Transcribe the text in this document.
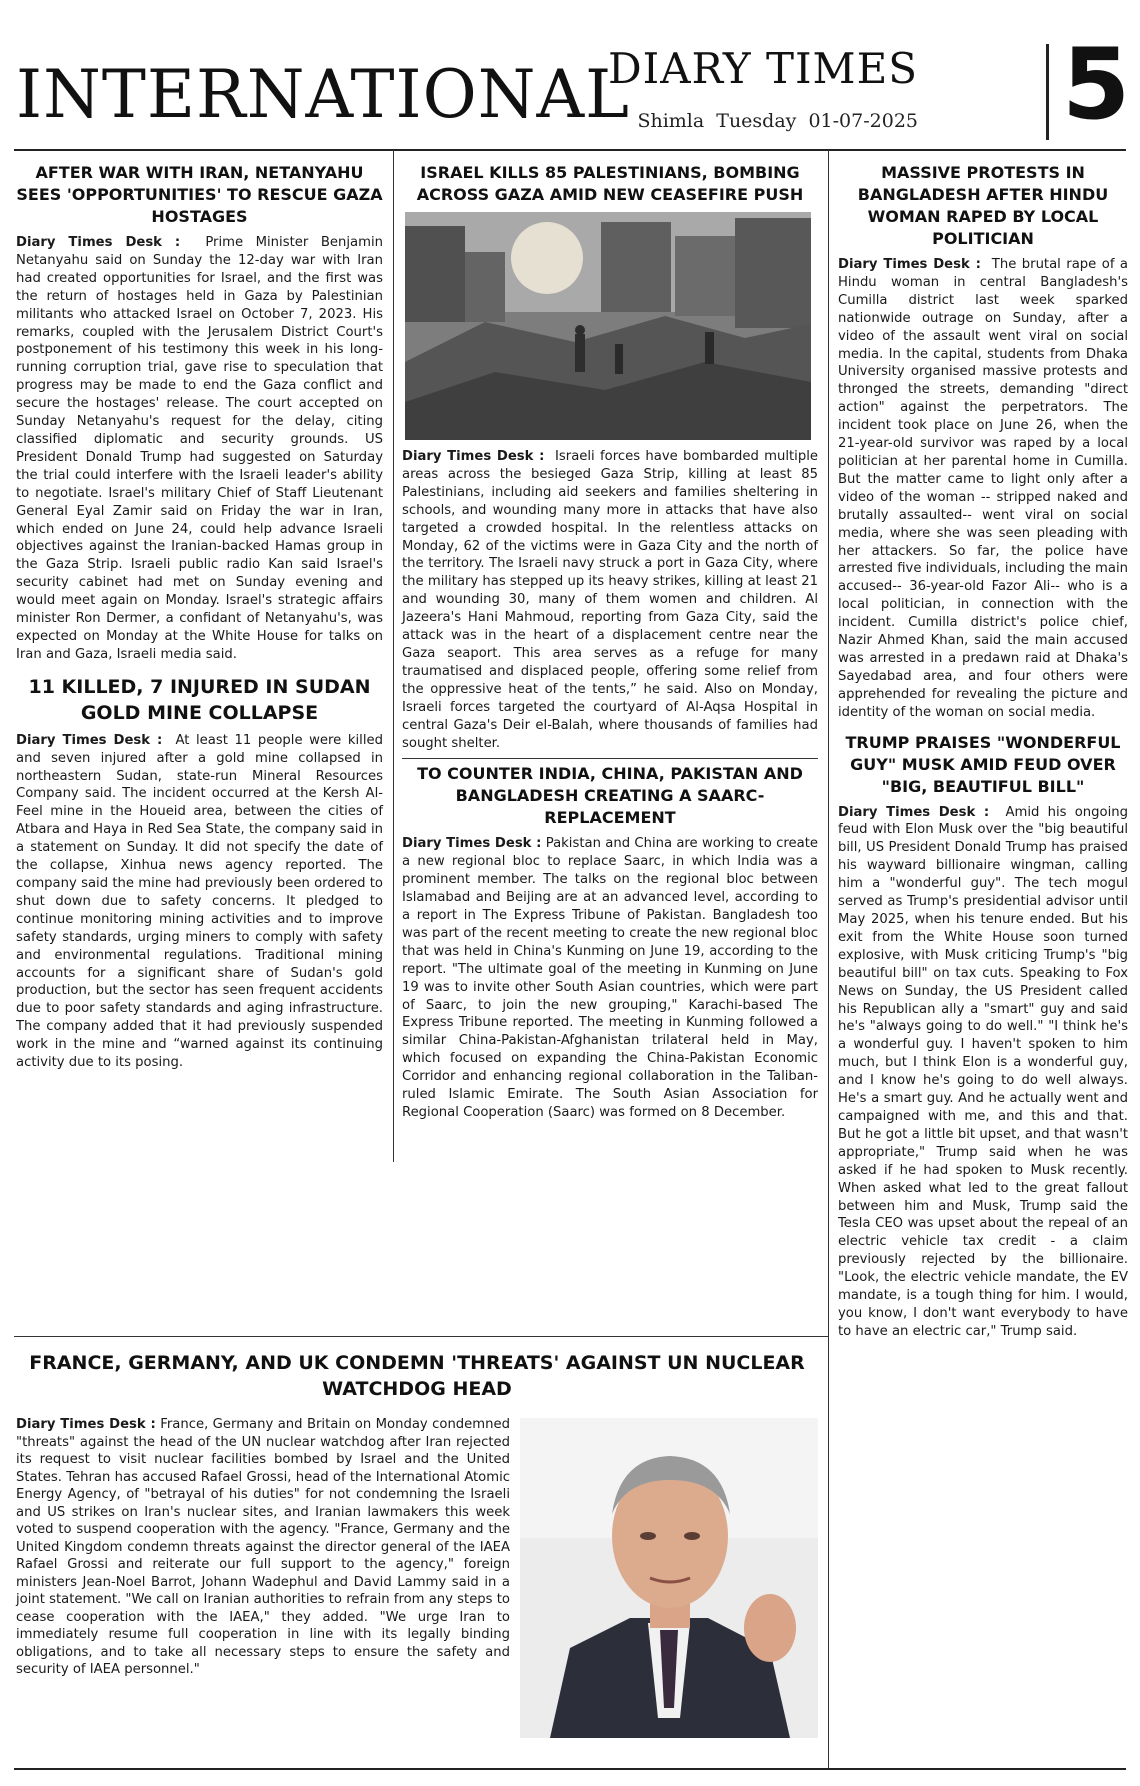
INTERNATIONAL
DIARY TIMES
Shimla Tuesday 01-07-2025 5
AFTER WAR WITH IRAN, NETANYAHU SEES 'OPPORTUNITIES' TO RESCUE GAZA HOSTAGES

Diary Times Desk : Prime Minister Benjamin Netanyahu said on Sunday the 12-day war with Iran had created opportunities for Israel, and the first was the return of hostages held in Gaza by Palestinian militants who attacked Israel on October 7, 2023. His remarks, coupled with the Jerusalem District Court's postponement of his testimony this week in his long-running corruption trial, gave rise to speculation that progress may be made to end the Gaza conflict and secure the hostages' release. The court accepted on Sunday Netanyahu's request for the delay, citing classified diplomatic and security grounds. US President Donald Trump had suggested on Saturday the trial could interfere with the Israeli leader's ability to negotiate. Israel's military Chief of Staff Lieutenant General Eyal Zamir said on Friday the war in Iran, which ended on June 24, could help advance Israeli objectives against the Iranian-backed Hamas group in the Gaza Strip. Israeli public radio Kan said Israel's security cabinet had met on Sunday evening and would meet again on Monday. Israel's strategic affairs minister Ron Dermer, a confidant of Netanyahu's, was expected on Monday at the White House for talks on Iran and Gaza, Israeli media said.

11 KILLED, 7 INJURED IN SUDAN GOLD MINE COLLAPSE

Diary Times Desk : At least 11 people were killed and seven injured after a gold mine collapsed in northeastern Sudan, state-run Mineral Resources Company said. The incident occurred at the Kersh Al-Feel mine in the Houeid area, between the cities of Atbara and Haya in Red Sea State, the company said in a statement on Sunday. It did not specify the date of the collapse, Xinhua news agency reported. The company said the mine had previously been ordered to shut down due to safety concerns. It pledged to continue monitoring mining activities and to improve safety standards, urging miners to comply with safety and environmental regulations. Traditional mining accounts for a significant share of Sudan's gold production, but the sector has seen frequent accidents due to poor safety standards and aging infrastructure. The company added that it had previously suspended work in the mine and “warned against its continuing activity due to its posing.

ISRAEL KILLS 85 PALESTINIANS, BOMBING ACROSS GAZA AMID NEW CEASEFIRE PUSH

Diary Times Desk : Israeli forces have bombarded multiple areas across the besieged Gaza Strip, killing at least 85 Palestinians, including aid seekers and families sheltering in schools, and wounding many more in attacks that have also targeted a crowded hospital. In the relentless attacks on Monday, 62 of the victims were in Gaza City and the north of the territory. The Israeli navy struck a port in Gaza City, where the military has stepped up its heavy strikes, killing at least 21 and wounding 30, many of them women and children. Al Jazeera's Hani Mahmoud, reporting from Gaza City, said the attack was in the heart of a displacement centre near the Gaza seaport. This area serves as a refuge for many traumatised and displaced people, offering some relief from the oppressive heat of the tents,” he said. Also on Monday, Israeli forces targeted the courtyard of Al-Aqsa Hospital in central Gaza's Deir el-Balah, where thousands of families had sought shelter.

TO COUNTER INDIA, CHINA, PAKISTAN AND BANGLADESH CREATING A SAARC-REPLACEMENT

Diary Times Desk : Pakistan and China are working to create a new regional bloc to replace Saarc, in which India was a prominent member. The talks on the regional bloc between Islamabad and Beijing are at an advanced level, according to a report in The Express Tribune of Pakistan. Bangladesh too was part of the recent meeting to create the new regional bloc that was held in China's Kunming on June 19, according to the report. "The ultimate goal of the meeting in Kunming on June 19 was to invite other South Asian countries, which were part of Saarc, to join the new grouping," Karachi-based The Express Tribune reported. The meeting in Kunming followed a similar China-Pakistan-Afghanistan trilateral held in May, which focused on expanding the China-Pakistan Economic Corridor and enhancing regional collaboration in the Taliban-ruled Islamic Emirate. The South Asian Association for Regional Cooperation (Saarc) was formed on 8 December.

MASSIVE PROTESTS IN BANGLADESH AFTER HINDU WOMAN RAPED BY LOCAL POLITICIAN

Diary Times Desk : The brutal rape of a Hindu woman in central Bangladesh's Cumilla district last week sparked nationwide outrage on Sunday, after a video of the assault went viral on social media. In the capital, students from Dhaka University organised massive protests and thronged the streets, demanding "direct action" against the perpetrators. The incident took place on June 26, when the 21-year-old survivor was raped by a local politician at her parental home in Cumilla. But the matter came to light only after a video of the woman -- stripped naked and brutally assaulted-- went viral on social media, where she was seen pleading with her attackers. So far, the police have arrested five individuals, including the main accused-- 36-year-old Fazor Ali-- who is a local politician, in connection with the incident. Cumilla district's police chief, Nazir Ahmed Khan, said the main accused was arrested in a predawn raid at Dhaka's Sayedabad area, and four others were apprehended for revealing the picture and identity of the woman on social media.

TRUMP PRAISES "WONDERFUL GUY" MUSK AMID FEUD OVER "BIG, BEAUTIFUL BILL"

Diary Times Desk : Amid his ongoing feud with Elon Musk over the "big beautiful bill, US President Donald Trump has praised his wayward billionaire wingman, calling him a "wonderful guy". The tech mogul served as Trump's presidential advisor until May 2025, when his tenure ended. But his exit from the White House soon turned explosive, with Musk criticing Trump's "big beautiful bill" on tax cuts. Speaking to Fox News on Sunday, the US President called his Republican ally a "smart" guy and said he's "always going to do well." "I think he's a wonderful guy. I haven't spoken to him much, but I think Elon is a wonderful guy, and I know he's going to do well always. He's a smart guy. And he actually went and campaigned with me, and this and that. But he got a little bit upset, and that wasn't appropriate," Trump said when he was asked if he had spoken to Musk recently. When asked what led to the great fallout between him and Musk, Trump said the Tesla CEO was upset about the repeal of an electric vehicle tax credit - a claim previously rejected by the billionaire. "Look, the electric vehicle mandate, the EV mandate, is a tough thing for him. I would, you know, I don't want everybody to have to have an electric car," Trump said.

FRANCE, GERMANY, AND UK CONDEMN 'THREATS' AGAINST UN NUCLEAR WATCHDOG HEAD

Diary Times Desk : France, Germany and Britain on Monday condemned "threats" against the head of the UN nuclear watchdog after Iran rejected its request to visit nuclear facilities bombed by Israel and the United States. Tehran has accused Rafael Grossi, head of the International Atomic Energy Agency, of "betrayal of his duties" for not condemning the Israeli and US strikes on Iran's nuclear sites, and Iranian lawmakers this week voted to suspend cooperation with the agency. "France, Germany and the United Kingdom condemn threats against the director general of the IAEA Rafael Grossi and reiterate our full support to the agency," foreign ministers Jean-Noel Barrot, Johann Wadephul and David Lammy said in a joint statement. "We call on Iranian authorities to refrain from any steps to cease cooperation with the IAEA," they added. "We urge Iran to immediately resume full cooperation in line with its legally binding obligations, and to take all necessary steps to ensure the safety and security of IAEA personnel."
